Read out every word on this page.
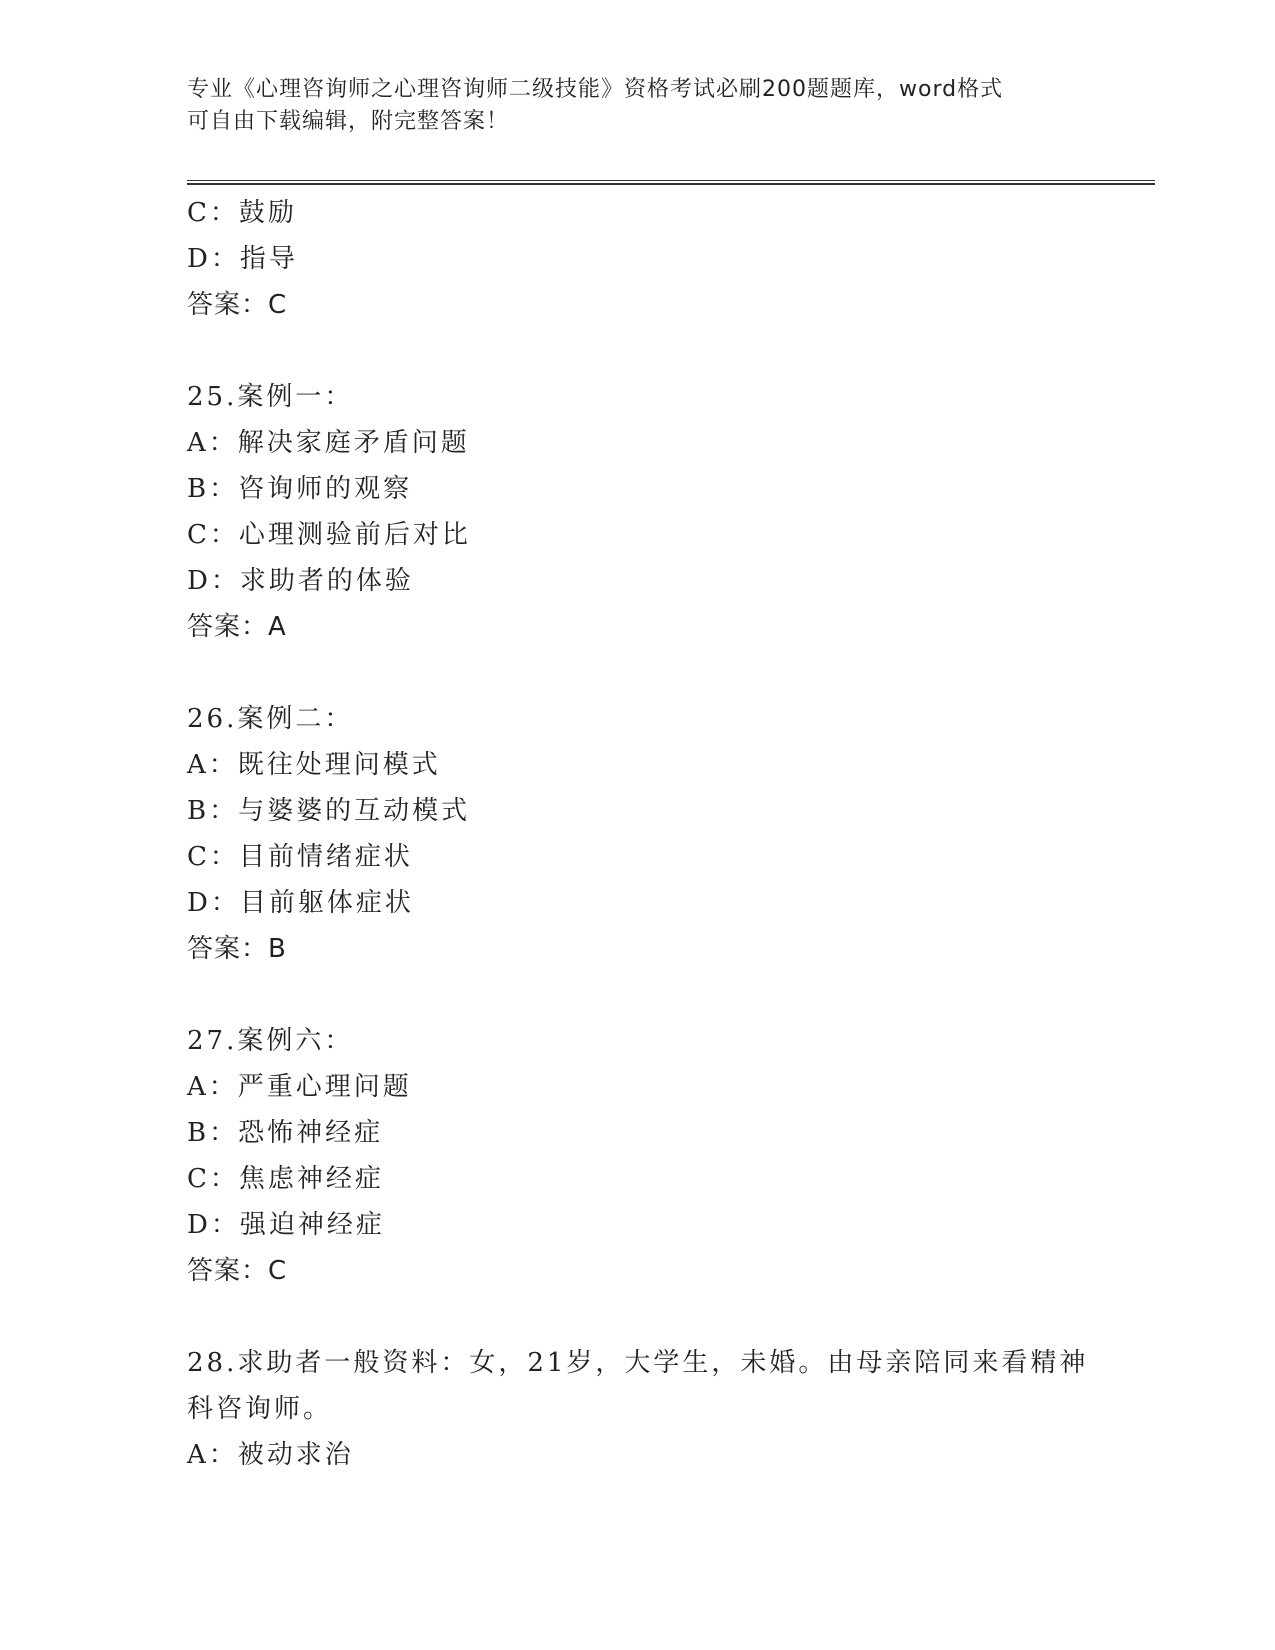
专业《心理咨询师之心理咨询师二级技能》资格考试必刷200题题库，word格式
可自由下载编辑，附完整答案！
C：鼓励
D：指导
答案：C
25.案例一：
A：解决家庭矛盾问题
B：咨询师的观察
C：心理测验前后对比
D：求助者的体验
答案：A
26.案例二：
A：既往处理问模式
B：与婆婆的互动模式
C：目前情绪症状
D：目前躯体症状
答案：B
27.案例六：
A：严重心理问题
B：恐怖神经症
C：焦虑神经症
D：强迫神经症
答案：C
28.求助者一般资料：女，21岁，大学生，未婚。由母亲陪同来看精神
科咨询师。
A：被动求治
